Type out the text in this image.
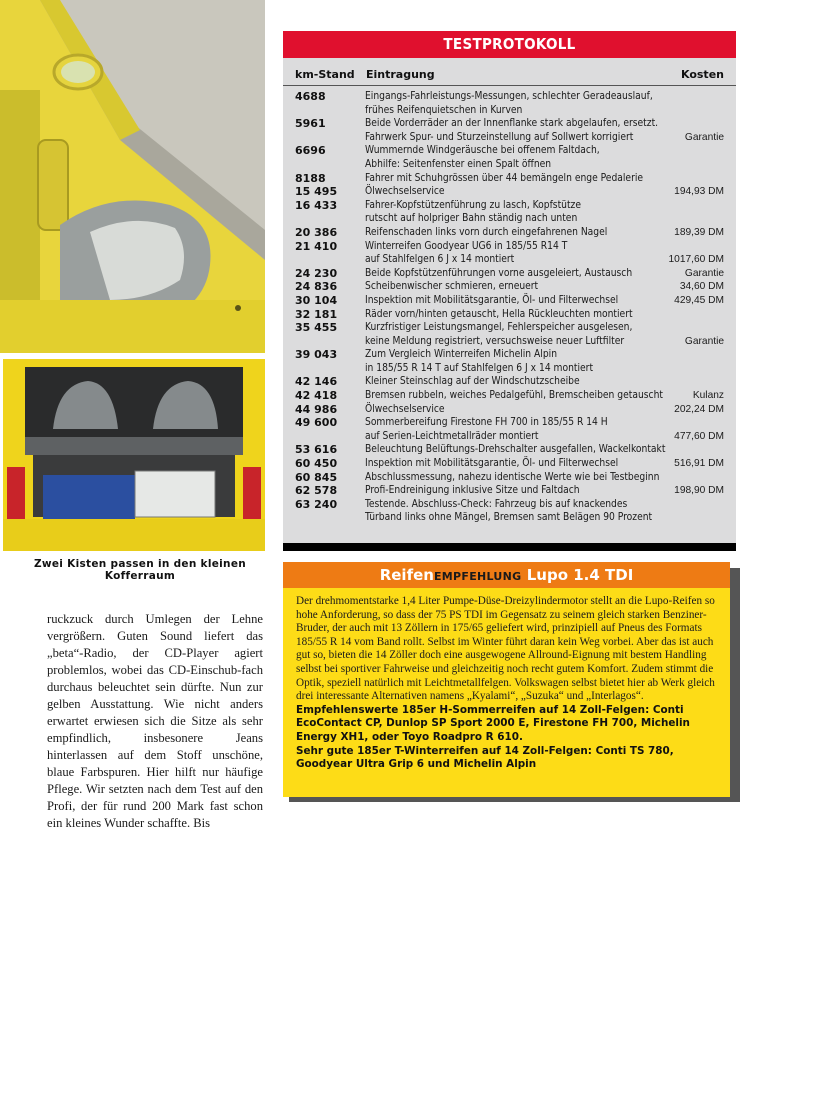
Zwei Kisten passen in den kleinen Kofferraum

ruckzuck durch Umlegen der Lehne vergrößern. Guten Sound liefert das „beta“-Radio, der CD-Player agiert problemlos, wobei das CD-Einschub-fach durchaus beleuchtet sein dürfte. Nun zur gelben Ausstattung. Wie nicht anders erwartet erwiesen sich die Sitze als sehr empfindlich, insbesonere Jeans hinterlassen auf dem Stoff unschöne, blaue Farbspuren. Hier hilft nur häufige Pflege. Wir setzten nach dem Test auf den Profi, der für rund 200 Mark fast schon ein kleines Wunder schaffte. Bis

TESTPROTOKOLL
km-Stand Eintragung	Kosten
4688	Eingangs-Fahrleistungs-Messungen, schlechter Geradeauslauf,
frühes Reifenquietschen in Kurven
5961	Beide Vorderräder an der Innenflanke stark abgelaufen, ersetzt.
Fahrwerk Spur- und Sturzeinstellung auf Sollwert korrigiert	Garantie
6696	Wummernde Windgeräusche bei offenem Faltdach,
Abhilfe: Seitenfenster einen Spalt öffnen
8188	Fahrer mit Schuhgrössen über 44 bemängeln enge Pedalerie
15 495	Ölwechselservice	194,93 DM
16 433	Fahrer-Kopfstützenführung zu lasch, Kopfstütze
rutscht auf holpriger Bahn ständig nach unten
20 386	Reifenschaden links vorn durch eingefahrenen Nagel	189,39 DM
21 410	Winterreifen Goodyear UG6 in 185/55 R14 T
auf Stahlfelgen 6 J x 14 montiert	1017,60 DM
24 230	Beide Kopfstützenführungen vorne ausgeleiert, Austausch	Garantie
24 836	Scheibenwischer schmieren, erneuert	34,60 DM
30 104	Inspektion mit Mobilitätsgarantie, Öl- und Filterwechsel	429,45 DM
32 181	Räder vorn/hinten getauscht, Hella Rückleuchten montiert
35 455	Kurzfristiger Leistungsmangel, Fehlerspeicher ausgelesen,
keine Meldung registriert, versuchsweise neuer Luftfilter	Garantie
39 043	Zum Vergleich Winterreifen Michelin Alpin
in 185/55 R 14 T auf Stahlfelgen 6 J x 14 montiert
42 146	Kleiner Steinschlag auf der Windschutzscheibe
42 418	Bremsen rubbeln, weiches Pedalgefühl, Bremscheiben getauscht	Kulanz
44 986	Ölwechselservice	202,24 DM
49 600	Sommerbereifung Firestone FH 700 in 185/55 R 14 H
auf Serien-Leichtmetallräder montiert	477,60 DM
53 616	Beleuchtung Belüftungs-Drehschalter ausgefallen, Wackelkontakt
60 450	Inspektion mit Mobilitätsgarantie, Öl- und Filterwechsel	516,91 DM
60 845	Abschlussmessung, nahezu identische Werte wie bei Testbeginn
62 578	Profi-Endreinigung inklusive Sitze und Faltdach	198,90 DM
63 240	Testende. Abschluss-Check: Fahrzeug bis auf knackendes
Türband links ohne Mängel, Bremsen samt Belägen 90 Prozent
ReifenEMPFEHLUNG Lupo 1.4 TDI

Der drehmomentstarke 1,4 Liter Pumpe-Düse-Dreizylindermotor stellt an die Lupo-Reifen so hohe Anforderung, so dass der 75 PS TDI im Gegensatz zu seinem gleich starken Benziner-Bruder, der auch mit 13 Zöllern in 175/65 geliefert wird, prinzipiell auf Pneus des Formats 185/55 R 14 vom Band rollt. Selbst im Winter führt daran kein Weg vorbei. Aber das ist auch gut so, bieten die 14 Zöller doch eine ausgewogene Allround-Eignung mit bestem Handling selbst bei sportiver Fahrweise und gleichzeitig noch recht gutem Komfort. Zudem stimmt die Optik, speziell natürlich mit Leichtmetallfelgen. Volkswagen selbst bietet hier ab Werk gleich drei interessante Alternativen namens „Kyalami“, „Suzuka“ und „Interlagos“.

Empfehlenswerte 185er H-Sommerreifen auf 14 Zoll-Felgen: Conti EcoContact CP, Dunlop SP Sport 2000 E, Firestone FH 700, Michelin Energy XH1, oder Toyo Roadpro R 610.

Sehr gute 185er T-Winterreifen auf 14 Zoll-Felgen: Conti TS 780, Goodyear Ultra Grip 6 und Michelin Alpin
